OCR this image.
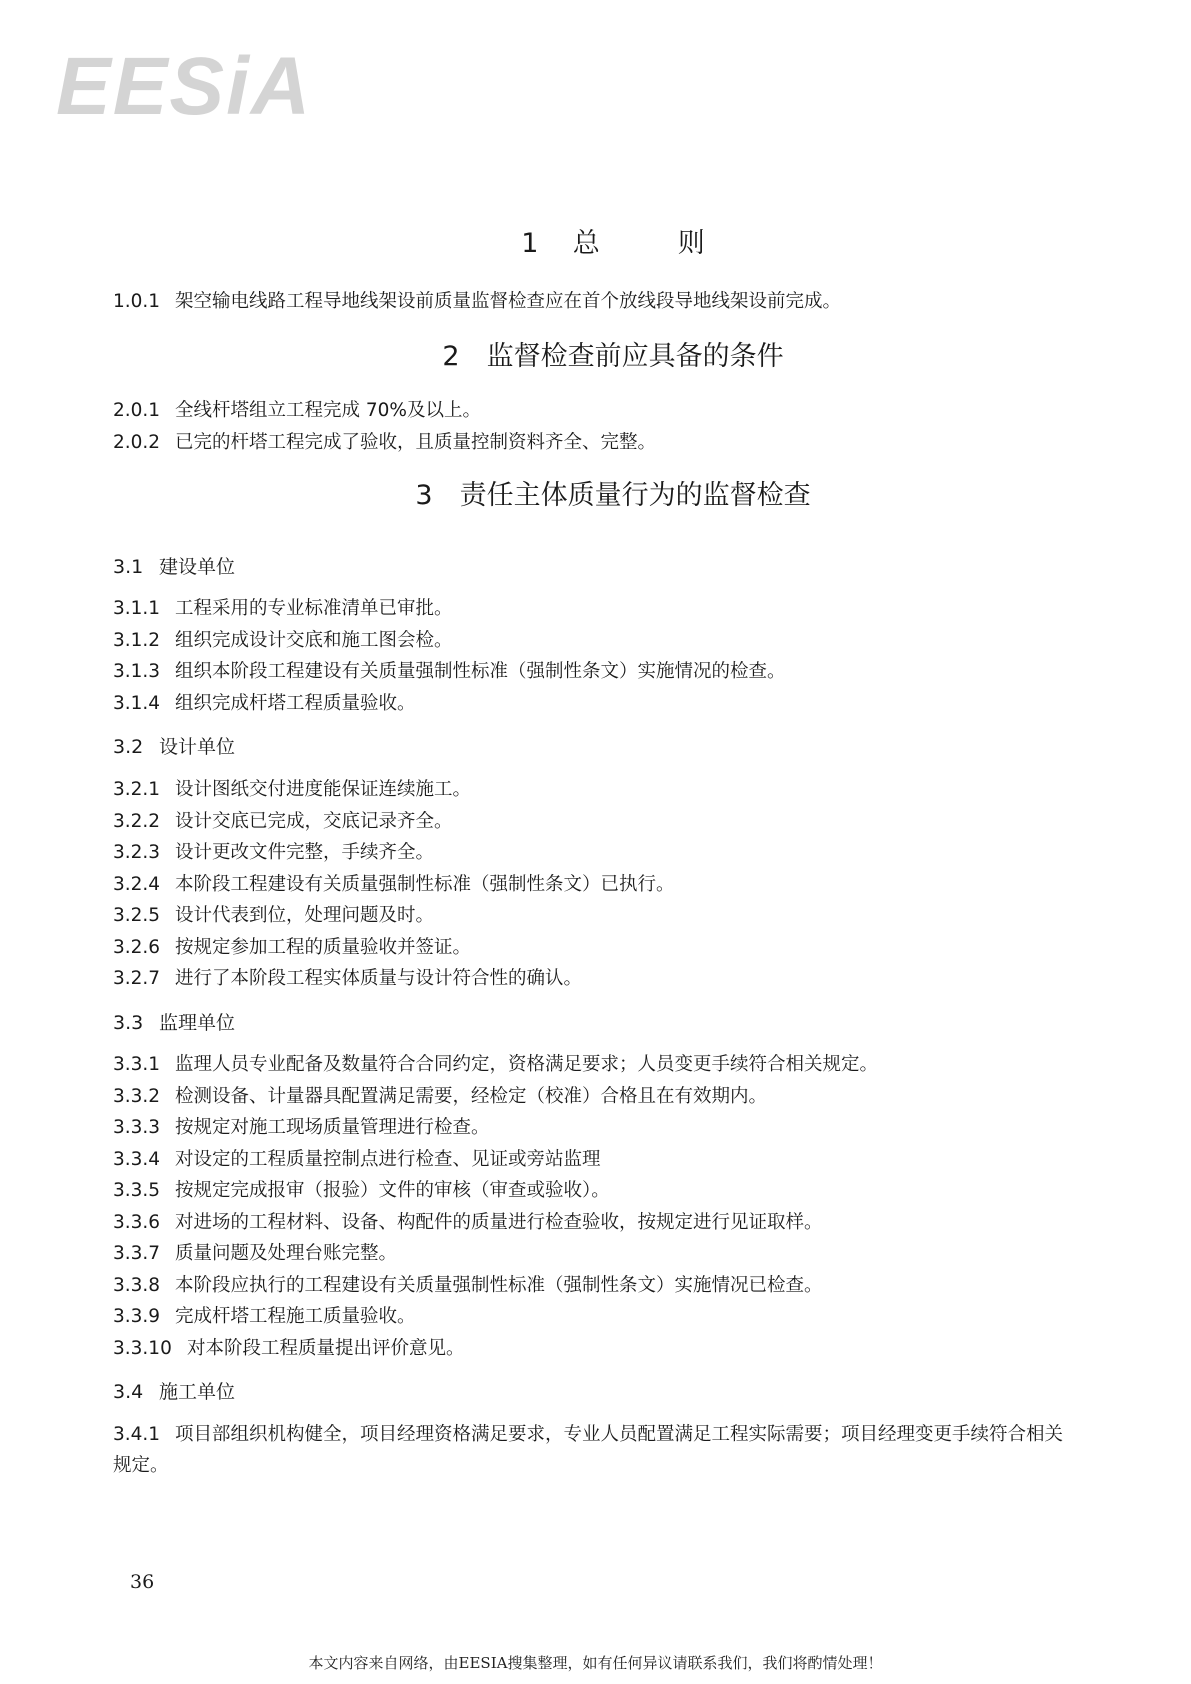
EESiA
1 总	则

1.0.1 架空输电线路工程导地线架设前质量监督检查应在首个放线段导地线架设前完成。

2　监督检查前应具备的条件

2.0.1 全线杆塔组立工程完成 70%及以上。

2.0.2 已完的杆塔工程完成了验收，且质量控制资料齐全、完整。

3　责任主体质量行为的监督检查

3.1 建设单位

3.1.1 工程采用的专业标准清单已审批。

3.1.2 组织完成设计交底和施工图会检。

3.1.3 组织本阶段工程建设有关质量强制性标准（强制性条文）实施情况的检查。

3.1.4 组织完成杆塔工程质量验收。

3.2 设计单位

3.2.1 设计图纸交付进度能保证连续施工。

3.2.2 设计交底已完成，交底记录齐全。

3.2.3 设计更改文件完整，手续齐全。

3.2.4 本阶段工程建设有关质量强制性标准（强制性条文）已执行。

3.2.5 设计代表到位，处理问题及时。

3.2.6 按规定参加工程的质量验收并签证。

3.2.7 进行了本阶段工程实体质量与设计符合性的确认。

3.3 监理单位

3.3.1 监理人员专业配备及数量符合合同约定，资格满足要求；人员变更手续符合相关规定。

3.3.2 检测设备、计量器具配置满足需要，经检定（校准）合格且在有效期内。

3.3.3 按规定对施工现场质量管理进行检查。

3.3.4 对设定的工程质量控制点进行检查、见证或旁站监理

3.3.5 按规定完成报审（报验）文件的审核（审查或验收）。

3.3.6 对进场的工程材料、设备、构配件的质量进行检查验收，按规定进行见证取样。

3.3.7 质量问题及处理台账完整。

3.3.8 本阶段应执行的工程建设有关质量强制性标准（强制性条文）实施情况已检查。

3.3.9 完成杆塔工程施工质量验收。

3.3.10 对本阶段工程质量提出评价意见。

3.4 施工单位

3.4.1 项目部组织机构健全，项目经理资格满足要求，专业人员配置满足工程实际需要；项目经理变更手续符合相关规定。

36
本文内容来自网络，由EESIA搜集整理，如有任何异议请联系我们，我们将酌情处理！
